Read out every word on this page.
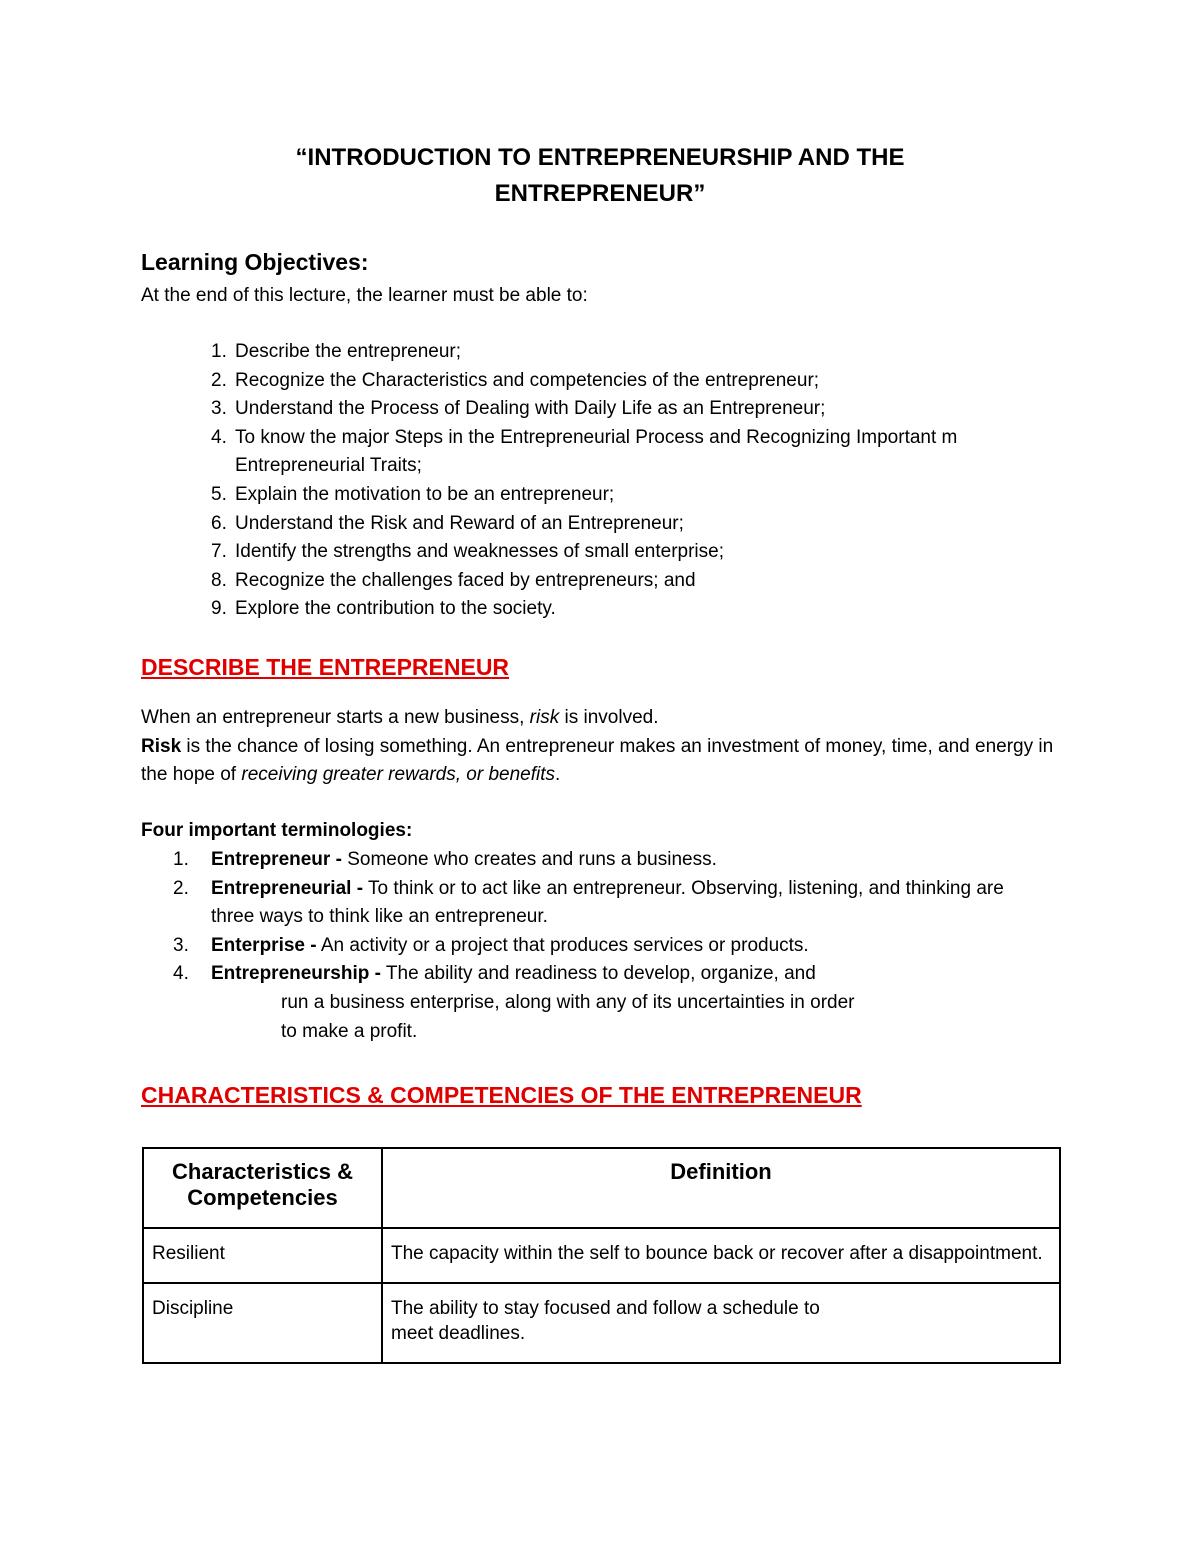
“INTRODUCTION TO ENTREPRENEURSHIP AND THE
ENTREPRENEUR”
Learning Objectives:
At the end of this lecture, the learner must be able to:
1. Describe the entrepreneur;
2. Recognize the Characteristics and competencies of the entrepreneur;
3. Understand the Process of Dealing with Daily Life as an Entrepreneur;
4. To know the major Steps in the Entrepreneurial Process and Recognizing Important m Entrepreneurial Traits;
5. Explain the motivation to be an entrepreneur;
6. Understand the Risk and Reward of an Entrepreneur;
7. Identify the strengths and weaknesses of small enterprise;
8. Recognize the challenges faced by entrepreneurs; and
9. Explore the contribution to the society.
DESCRIBE THE ENTREPRENEUR
When an entrepreneur starts a new business, risk is involved.
Risk is the chance of losing something. An entrepreneur makes an investment of money, time, and energy in the hope of receiving greater rewards, or benefits.
Four important terminologies:
1. Entrepreneur - Someone who creates and runs a business.
2. Entrepreneurial - To think or to act like an entrepreneur. Observing, listening, and thinking are three ways to think like an entrepreneur.
3. Enterprise - An activity or a project that produces services or products.
4. Entrepreneurship - The ability and readiness to develop, organize, and
run a business enterprise, along with any of its uncertainties in order
to make a profit.
CHARACTERISTICS & COMPETENCIES OF THE ENTREPRENEUR
Characteristics &
Competencies	Definition
Resilient	The capacity within the self to bounce back or recover after a disappointment.
Discipline	The ability to stay focused and follow a schedule to
meet deadlines.
